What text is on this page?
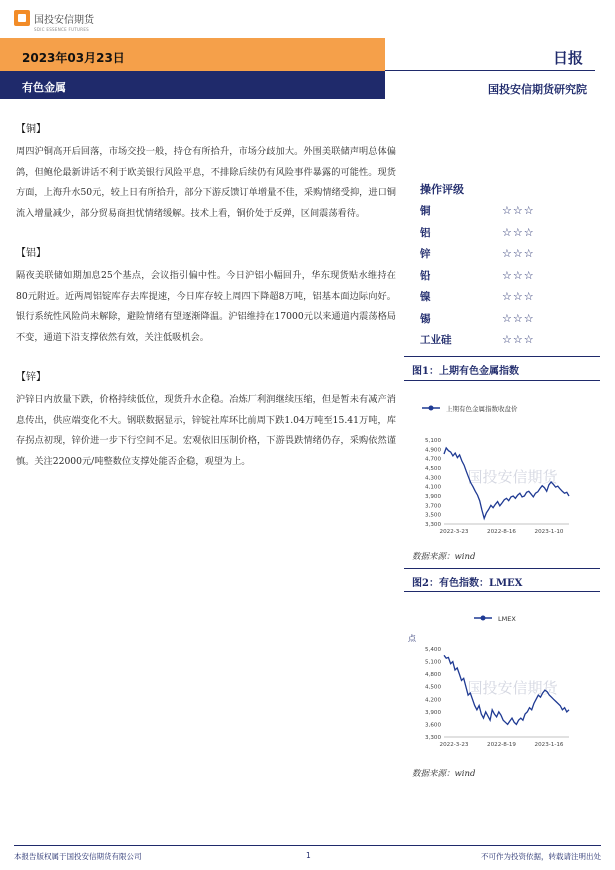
国投安信期货
SDIC ESSENCE FUTURES
2023年03月23日
有色金属
日报
国投安信期货研究院
【铜】
周四沪铜高开后回落，市场交投一般，持仓有所拾升，市场分歧加大。外围美联储声明总体偏鸽，但鲍伦最新讲话不利于欧美银行风险平息，不排除后续仍有风险事件暴露的可能性。现货方面，上海升水50元，较上日有所拾升，部分下游反馈订单增量不佳，采购情绪受抑，进口铜流入增量减少，部分贸易商担忧情绪缓解。技术上看，铜价处于反弹，区间震荡看待。
【铝】
隔夜美联储如期加息25个基点，会议指引偏中性。今日沪铝小幅回升，华东现货贴水维持在80元附近。近两周铝锭库存去库提速，今日库存较上周四下降超8万吨，铝基本面边际向好。银行系统性风险尚未解除，避险情绪有望逐渐降温。沪铝维持在17000元以来通道内震荡格局不变，通道下沿支撑依然有效，关注低吸机会。
【锌】
沪锌日内放量下跌，价格持续低位，现货升水企稳。冶炼厂利润继续压缩，但是暂未有减产消息传出，供应端变化不大。钢联数据显示，锌锭社库环比前周下跌1.04万吨至15.41万吨，库存拐点初现，锌价进一步下行空间不足。宏观依旧压制价格，下游畏跌情绪仍存，采购依然谨慎。关注22000元/吨整数位支撑处能否企稳，观望为上。
操作评级
铜	☆☆☆
铝	☆☆☆
锌	☆☆☆
铅	☆☆☆
镍	☆☆☆
锡	☆☆☆
工业硅	☆☆☆
图1：上期有色金属指数
上期有色金属指数收盘价
国投安信期货
3,300
3,500
3,700
3,900
4,100
4,300
4,500
4,700
4,900
5,100
2022-3-23	2022-8-16	2023-1-10
数据来源：wind
图2：有色指数：LMEX
LMEX
点
国投安信期货
3,300
3,600
3,900
4,200
4,500
4,800
5,100
5,400
2022-3-23	2022-8-19	2023-1-16
数据来源：wind
本报告版权属于国投安信期货有限公司	1	不可作为投资依据，转载请注明出处
